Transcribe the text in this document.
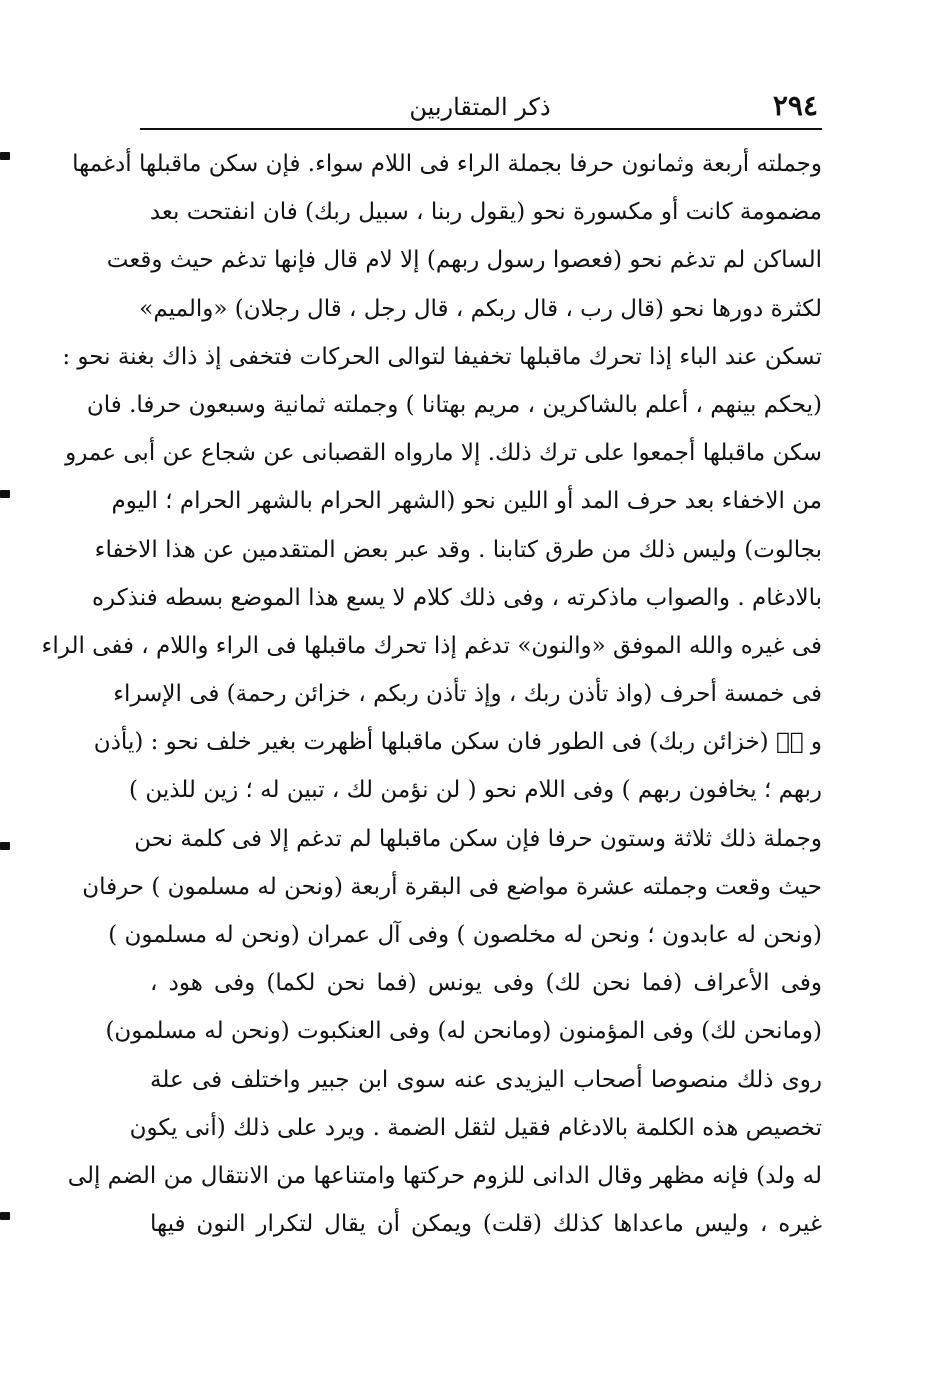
٢٩٤
ذكر المتقاربين
وجملته أربعة وثمانون حرفا بجملة الراء فى اللام سواء. فإن سكن ماقبلها أدغمها
مضمومة كانت أو مكسورة نحو (يقول ربنا ، سبيل ربك) فان انفتحت بعد
الساكن لم تدغم نحو (فعصوا رسول ربهم) إلا لام قال فإنها تدغم حيث وقعت
لكثرة دورها نحو (قال رب ، قال ربكم ، قال رجل ، قال رجلان) «والميم»
تسكن عند الباء إذا تحرك ماقبلها تخفيفا لتوالى الحركات فتخفى إذ ذاك بغنة نحو :
(يحكم بينهم ، أعلم بالشاكرين ، مريم بهتانا ) وجملته ثمانية وسبعون حرفا. فان
سكن ماقبلها أجمعوا على ترك ذلك. إلا مارواه القصبانى عن شجاع عن أبى عمرو
من الاخفاء بعد حرف المد أو اللين نحو (الشهر الحرام بالشهر الحرام ؛ اليوم
بجالوت) وليس ذلك من طرق كتابنا . وقد عبر بعض المتقدمين عن هذا الاخفاء
بالادغام . والصواب ماذكرته ، وفى ذلك كلام لا يسع هذا الموضع بسطه فنذكره
فى غيره والله الموفق «والنون» تدغم إذا تحرك ماقبلها فى الراء واللام ، ففى الراء
فى خمسة أحرف (واذ تأذن ربك ، وإذ تأذن ربكم ، خزائن رحمة) فى الإسراء
و صۤ (خزائن ربك) فى الطور فان سكن ماقبلها أظهرت بغير خلف نحو : (يأذن
ربهم ؛ يخافون ربهم ) وفى اللام نحو ( لن نؤمن لك ، تبين له ؛ زين للذين )
وجملة ذلك ثلاثة وستون حرفا فإن سكن ماقبلها لم تدغم إلا فى كلمة نحن
حيث وقعت وجملته عشرة مواضع فى البقرة أربعة (ونحن له مسلمون ) حرفان
(ونحن له عابدون ؛ ونحن له مخلصون ) وفى آل عمران (ونحن له مسلمون )
وفى الأعراف (فما نحن لك) وفى يونس (فما نحن لكما) وفى هود ،
(ومانحن لك) وفى المؤمنون (ومانحن له) وفى العنكبوت (ونحن له مسلمون)
روى ذلك منصوصا أصحاب اليزيدى عنه سوى ابن جبير واختلف فى علة
تخصيص هذه الكلمة بالادغام فقيل لثقل الضمة . ويرد على ذلك (أنى يكون
له ولد) فإنه مظهر وقال الدانى للزوم حركتها وامتناعها من الانتقال من الضم إلى
غيره ، وليس ماعداها كذلك (قلت) ويمكن أن يقال لتكرار النون فيها
